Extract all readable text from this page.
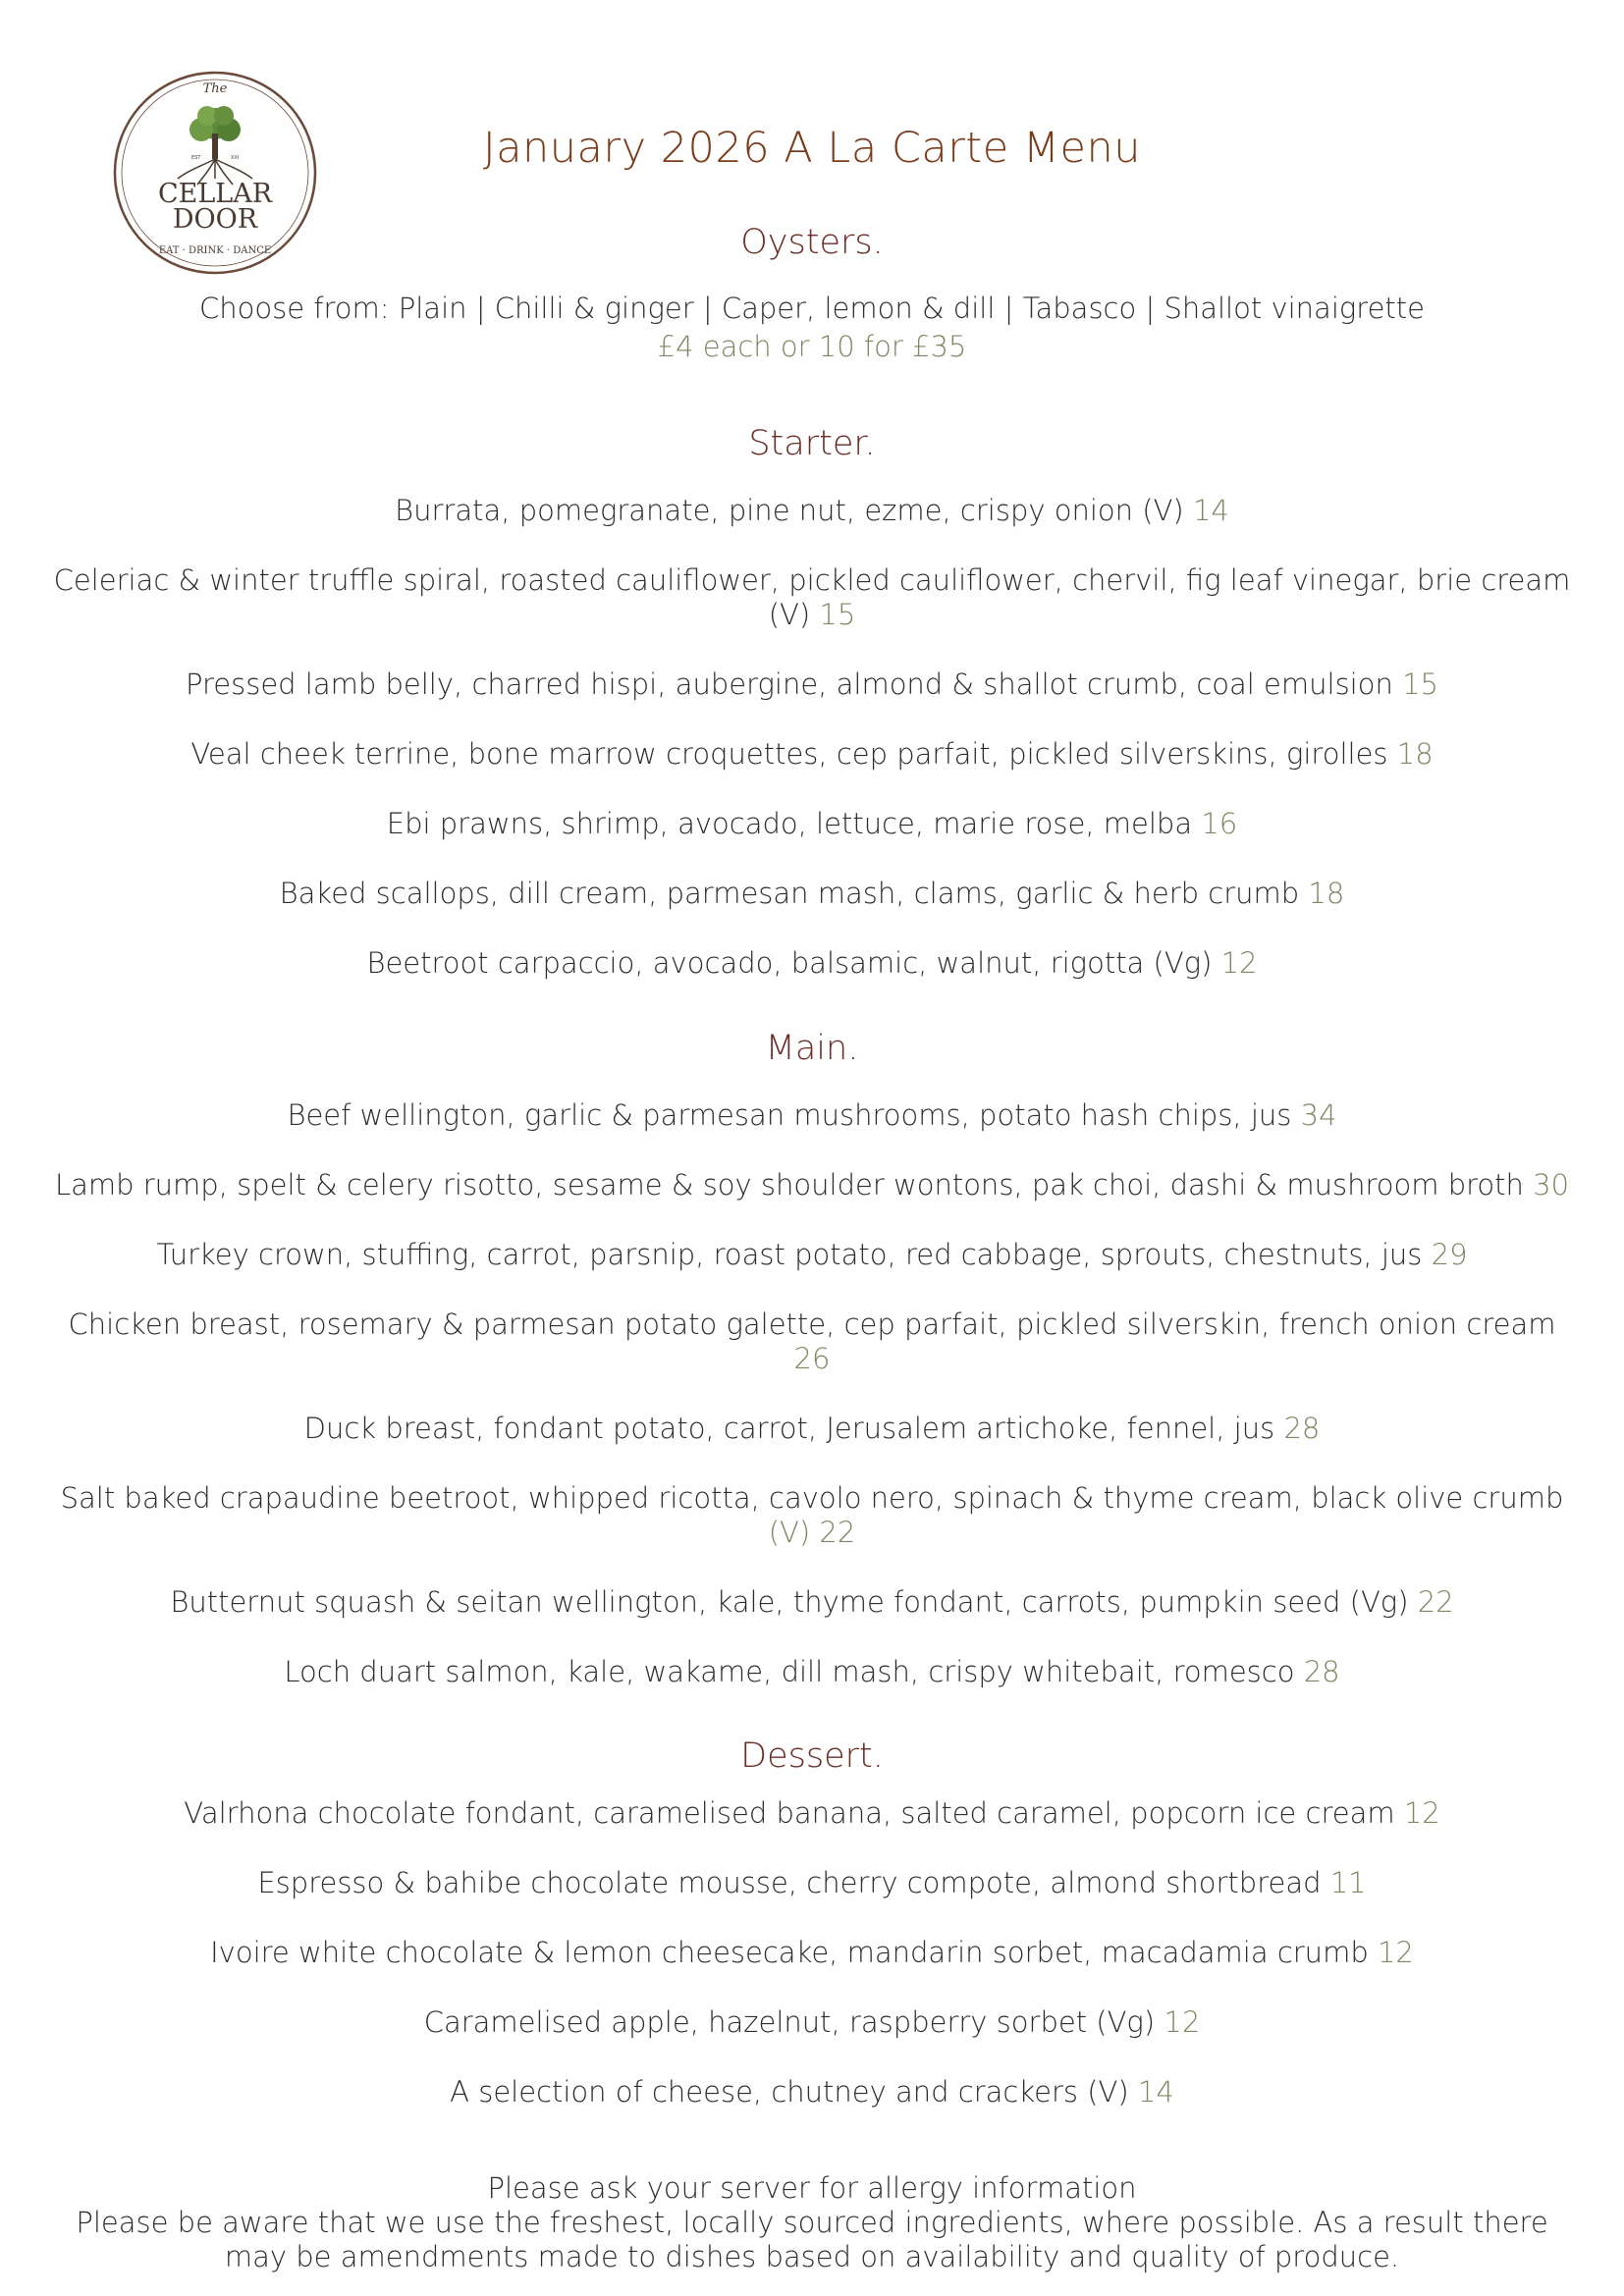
The
EST	XXI
CELLAR
DOOR
EAT · DRINK · DANCE
January 2026 A La Carte Menu

Oysters.

Choose from: Plain | Chilli & ginger | Caper, lemon & dill | Tabasco | Shallot vinaigrette

£4 each or 10 for £35

Starter.

Burrata, pomegranate, pine nut, ezme, crispy onion (V) 14

Celeriac & winter truffle spiral, roasted cauliflower, pickled cauliflower, chervil, fig leaf vinegar, brie cream (V) 15

Pressed lamb belly, charred hispi, aubergine, almond & shallot crumb, coal emulsion 15

Veal cheek terrine, bone marrow croquettes, cep parfait, pickled silverskins, girolles 18

Ebi prawns, shrimp, avocado, lettuce, marie rose, melba 16

Baked scallops, dill cream, parmesan mash, clams, garlic & herb crumb 18

Beetroot carpaccio, avocado, balsamic, walnut, rigotta (Vg) 12

Main.

Beef wellington, garlic & parmesan mushrooms, potato hash chips, jus 34

Lamb rump, spelt & celery risotto, sesame & soy shoulder wontons, pak choi, dashi & mushroom broth 30

Turkey crown, stuffing, carrot, parsnip, roast potato, red cabbage, sprouts, chestnuts, jus 29

Chicken breast, rosemary & parmesan potato galette, cep parfait, pickled silverskin, french onion cream 26

Duck breast, fondant potato, carrot, Jerusalem artichoke, fennel, jus 28

Salt baked crapaudine beetroot, whipped ricotta, cavolo nero, spinach & thyme cream, black olive crumb (V) 22

Butternut squash & seitan wellington, kale, thyme fondant, carrots, pumpkin seed (Vg) 22

Loch duart salmon, kale, wakame, dill mash, crispy whitebait, romesco 28

Dessert.

Valrhona chocolate fondant, caramelised banana, salted caramel, popcorn ice cream 12

Espresso & bahibe chocolate mousse, cherry compote, almond shortbread 11

Ivoire white chocolate & lemon cheesecake, mandarin sorbet, macadamia crumb 12

Caramelised apple, hazelnut, raspberry sorbet (Vg) 12

A selection of cheese, chutney and crackers (V) 14

Please ask your server for allergy information

Please be aware that we use the freshest, locally sourced ingredients, where possible. As a result there may be amendments made to dishes based on availability and quality of produce.
